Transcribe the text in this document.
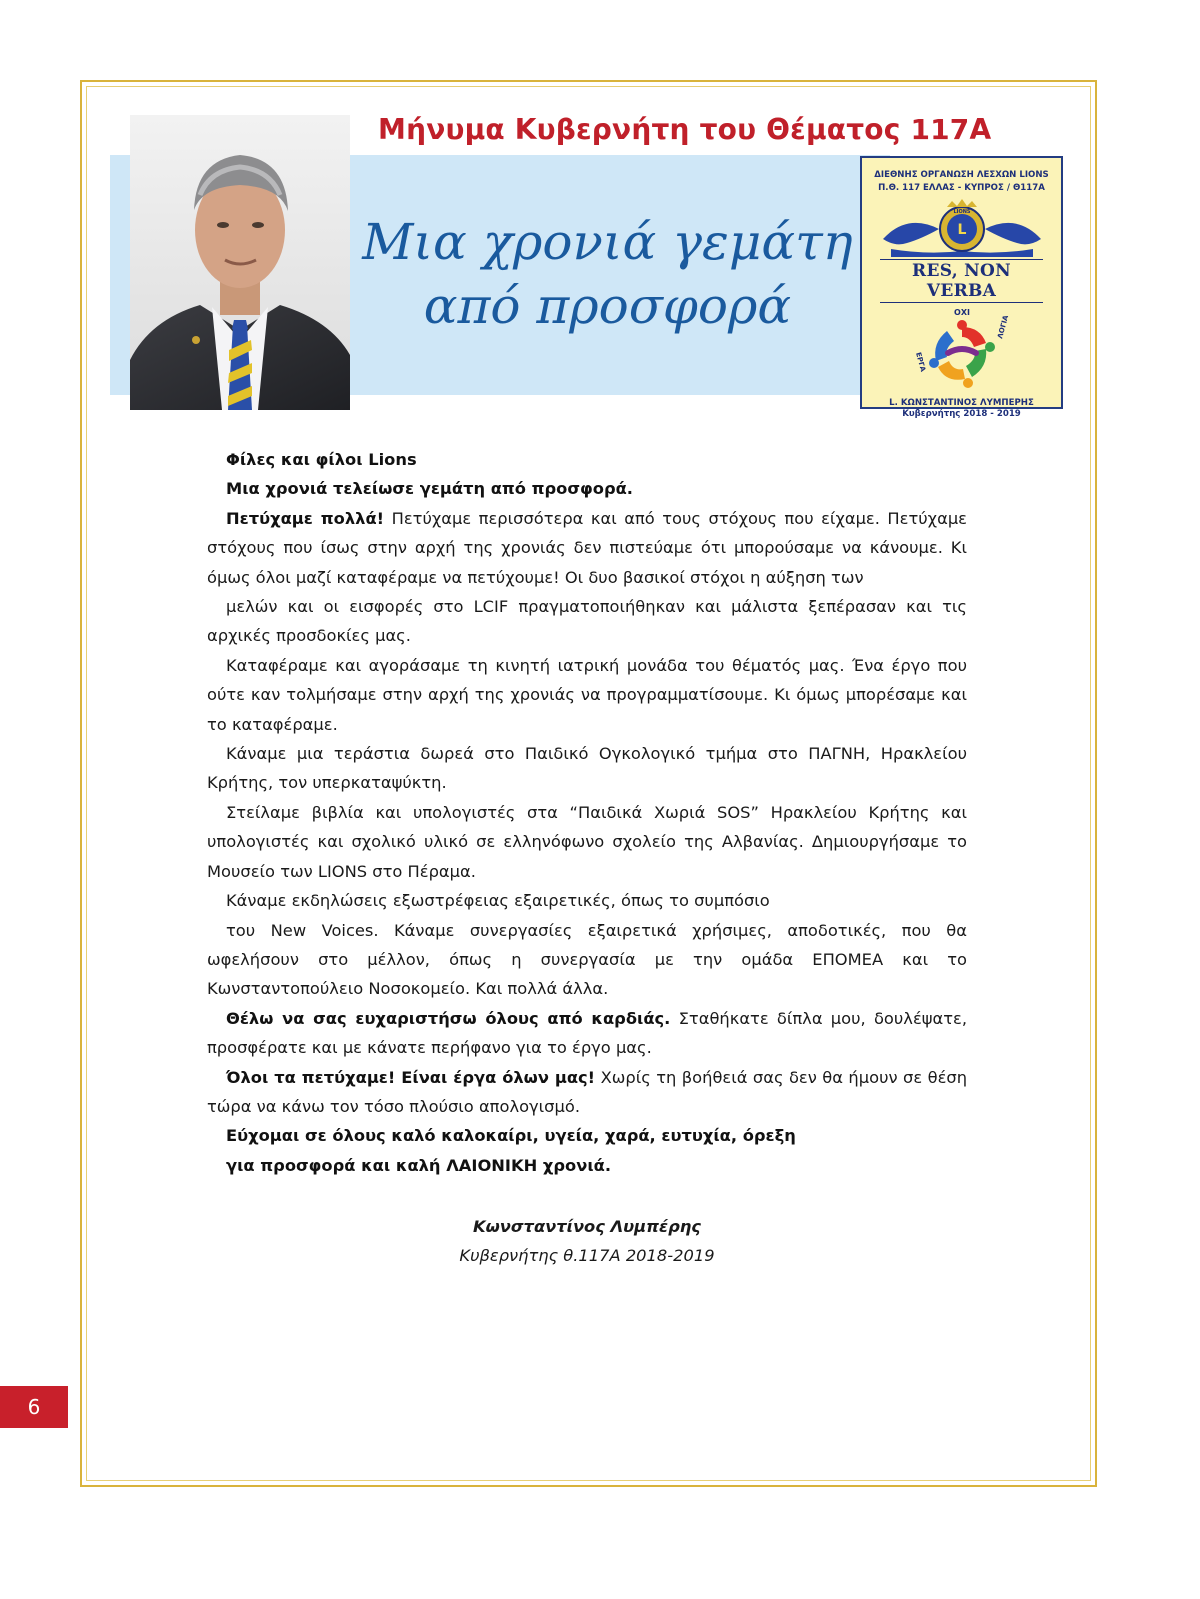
Μήνυμα Κυβερνήτη του Θέματος 117Α
Μια χρονιά γεμάτη
από προσφορά
ΔΙΕΘΝΗΣ ΟΡΓΑΝΩΣΗ ΛΕΣΧΩΝ LIONS
Π.Θ. 117 ΕΛΛΑΣ - ΚΥΠΡΟΣ / Θ117Α
L
LIONS
RES, NON VERBA
ΟΧΙ
ΕΡΓΑ
ΛΟΓΙΑ
L. ΚΩΝΣΤΑΝΤΙΝΟΣ ΛΥΜΠΕΡΗΣ
Κυβερνήτης 2018 - 2019

Φίλες και φίλοι Lions

Μια χρονιά τελείωσε γεμάτη από προσφορά.

Πετύχαμε πολλά! Πετύχαμε περισσότερα και από τους στόχους που είχαμε. Πετύχαμε στόχους που ίσως στην αρχή της χρονιάς δεν πιστεύαμε ότι μπορούσαμε να κάνουμε. Κι όμως όλοι μαζί καταφέραμε να πετύχουμε! Οι δυο βασικοί στόχοι η αύξηση των

μελών και οι εισφορές στο LCIF πραγματοποιήθηκαν και μάλιστα ξεπέρασαν και τις αρχικές προσδοκίες μας.

Καταφέραμε και αγοράσαμε τη κινητή ιατρική μονάδα του θέματός μας. Ένα έργο που ούτε καν τολμήσαμε στην αρχή της χρονιάς να προγραμματίσουμε. Κι όμως μπορέσαμε και το καταφέραμε.

Κάναμε μια τεράστια δωρεά στο Παιδικό Ογκολογικό τμήμα στο ΠΑΓΝΗ, Ηρακλείου Κρήτης, τον υπερκαταψύκτη.

Στείλαμε βιβλία και υπολογιστές στα “Παιδικά Χωριά SOS” Ηρακλείου Κρήτης και υπολογιστές και σχολικό υλικό σε ελληνόφωνο σχολείο της Αλβανίας. Δημιουργήσαμε το Μουσείο των LIONS στο Πέραμα.

Κάναμε εκδηλώσεις εξωστρέφειας εξαιρετικές, όπως το συμπόσιο

του New Voices. Κάναμε συνεργασίες εξαιρετικά χρήσιμες, αποδοτικές, που θα ωφελήσουν στο μέλλον, όπως η συνεργασία με την ομάδα ΕΠΟΜΕΑ και το Κωνσταντοπούλειο Νοσοκομείο. Και πολλά άλλα.

Θέλω να σας ευχαριστήσω όλους από καρδιάς. Σταθήκατε δίπλα μου, δουλέψατε, προσφέρατε και με κάνατε περήφανο για το έργο μας.

Όλοι τα πετύχαμε! Είναι έργα όλων μας! Χωρίς τη βοήθειά σας δεν θα ήμουν σε θέση τώρα να κάνω τον τόσο πλούσιο απολογισμό.

Εύχομαι σε όλους καλό καλοκαίρι, υγεία, χαρά, ευτυχία, όρεξη

για προσφορά και καλή ΛΑΙΟΝΙΚΗ χρονιά.

Κωνσταντίνος Λυμπέρης
Κυβερνήτης θ.117Α 2018-2019
6
